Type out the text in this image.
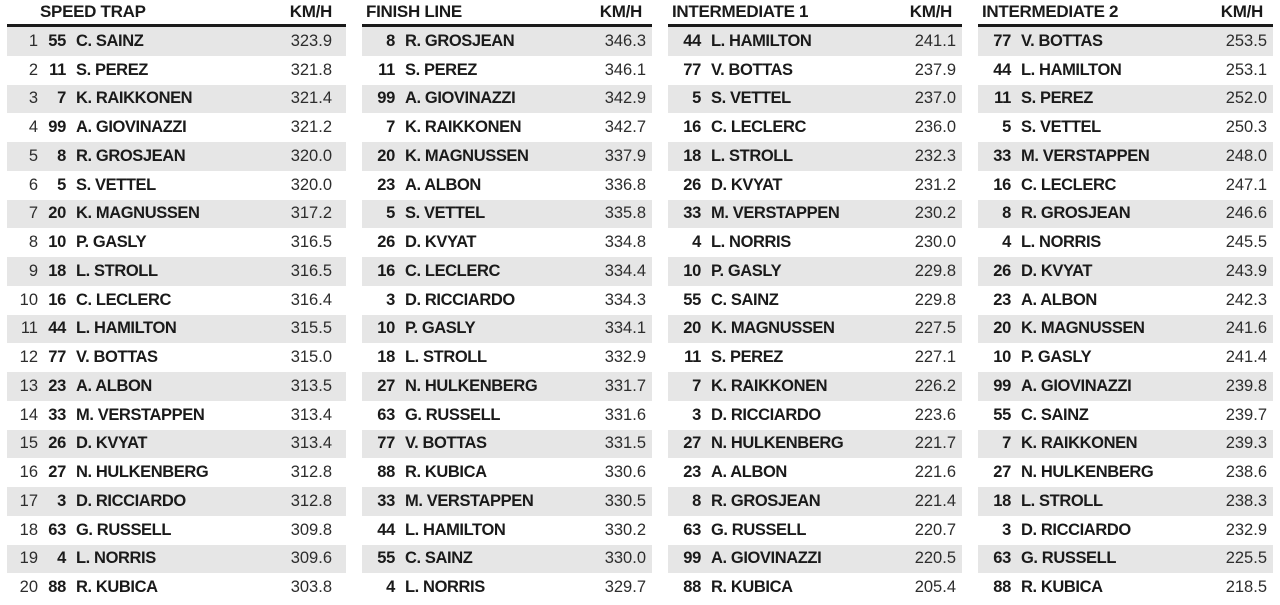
SPEED TRAP	KM/H
1 55 C. SAINZ	323.9
2 11 S. PEREZ	321.8
3	7 K. RAIKKONEN	321.4
4 99 A. GIOVINAZZI	321.2
5	8 R. GROSJEAN	320.0
6	5 S. VETTEL	320.0
7 20 K. MAGNUSSEN	317.2
8 10 P. GASLY	316.5
9 18 L. STROLL	316.5
10 16 C. LECLERC	316.4
11 44 L. HAMILTON	315.5
12 77 V. BOTTAS	315.0
13 23 A. ALBON	313.5
14 33 M. VERSTAPPEN	313.4
15 26 D. KVYAT	313.4
16 27 N. HULKENBERG	312.8
17	3 D. RICCIARDO	312.8
18 63 G. RUSSELL	309.8
19	4 L. NORRIS	309.6
20 88 R. KUBICA	303.8
FINISH LINE	KM/H
8 R. GROSJEAN	346.3
11 S. PEREZ	346.1
99 A. GIOVINAZZI	342.9
7 K. RAIKKONEN	342.7
20 K. MAGNUSSEN	337.9
23 A. ALBON	336.8
5 S. VETTEL	335.8
26 D. KVYAT	334.8
16 C. LECLERC	334.4
3 D. RICCIARDO	334.3
10 P. GASLY	334.1
18 L. STROLL	332.9
27 N. HULKENBERG	331.7
63 G. RUSSELL	331.6
77 V. BOTTAS	331.5
88 R. KUBICA	330.6
33 M. VERSTAPPEN	330.5
44 L. HAMILTON	330.2
55 C. SAINZ	330.0
4 L. NORRIS	329.7
INTERMEDIATE 1	KM/H
44 L. HAMILTON	241.1
77 V. BOTTAS	237.9
5 S. VETTEL	237.0
16 C. LECLERC	236.0
18 L. STROLL	232.3
26 D. KVYAT	231.2
33 M. VERSTAPPEN	230.2
4 L. NORRIS	230.0
10 P. GASLY	229.8
55 C. SAINZ	229.8
20 K. MAGNUSSEN	227.5
11 S. PEREZ	227.1
7 K. RAIKKONEN	226.2
3 D. RICCIARDO	223.6
27 N. HULKENBERG	221.7
23 A. ALBON	221.6
8 R. GROSJEAN	221.4
63 G. RUSSELL	220.7
99 A. GIOVINAZZI	220.5
88 R. KUBICA	205.4
INTERMEDIATE 2	KM/H
77 V. BOTTAS	253.5
44 L. HAMILTON	253.1
11 S. PEREZ	252.0
5 S. VETTEL	250.3
33 M. VERSTAPPEN	248.0
16 C. LECLERC	247.1
8 R. GROSJEAN	246.6
4 L. NORRIS	245.5
26 D. KVYAT	243.9
23 A. ALBON	242.3
20 K. MAGNUSSEN	241.6
10 P. GASLY	241.4
99 A. GIOVINAZZI	239.8
55 C. SAINZ	239.7
7 K. RAIKKONEN	239.3
27 N. HULKENBERG	238.6
18 L. STROLL	238.3
3 D. RICCIARDO	232.9
63 G. RUSSELL	225.5
88 R. KUBICA	218.5
